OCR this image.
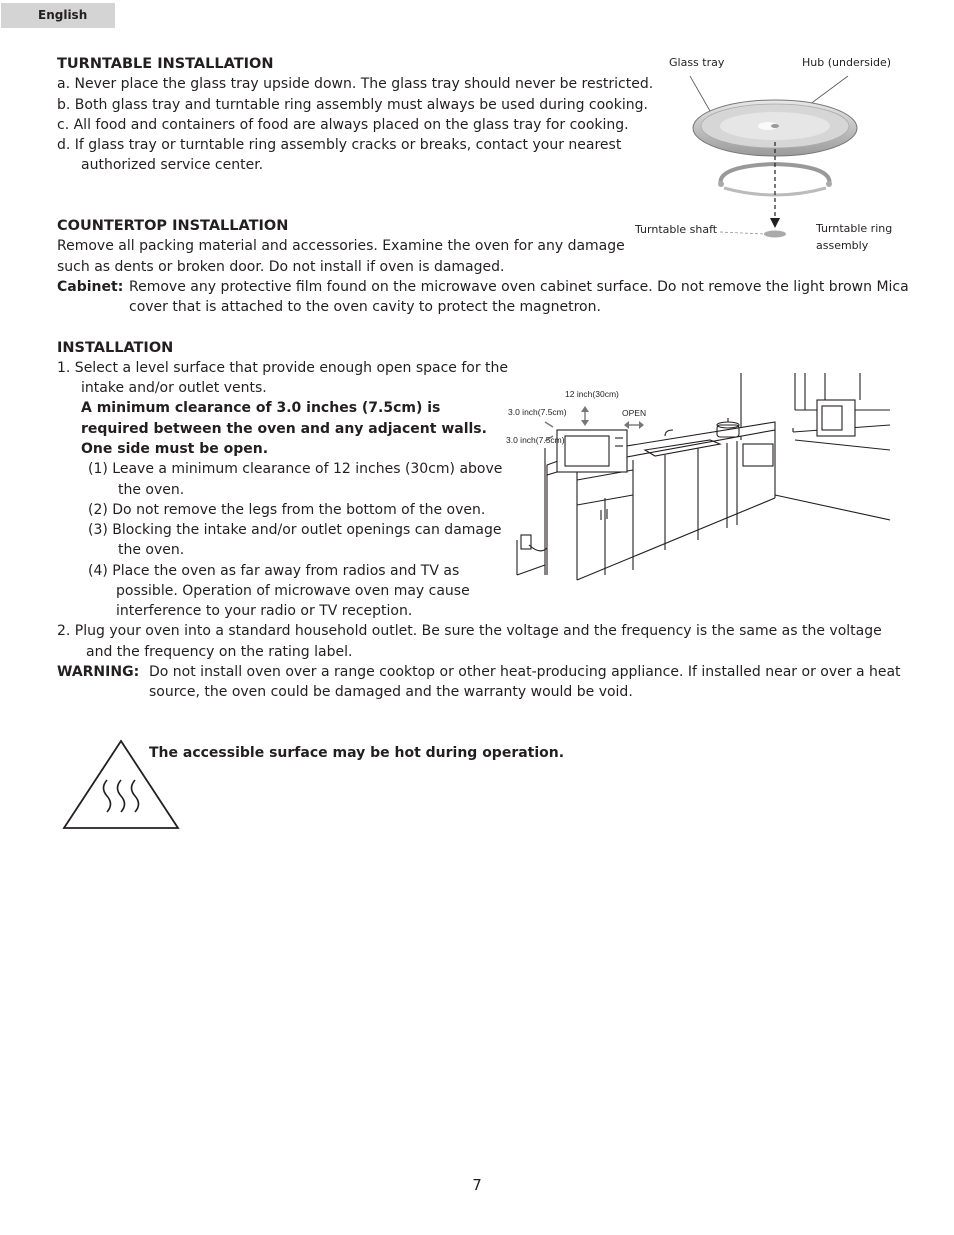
English
TURNTABLE INSTALLATION
a. Never place the glass tray upside down. The glass tray should never be restricted.
b. Both glass tray and turntable ring assembly must always be used during cooking.
c. All food and containers of food are always placed on the glass tray for cooking.
d. If glass tray or turntable ring assembly cracks or breaks, contact your nearest
authorized service center.
Glass tray	Hub (underside)
Turntable shaft	Turntable ring
assembly
COUNTERTOP INSTALLATION
Remove all packing material and accessories. Examine the oven for any damage
such as dents or broken door. Do not install if oven is damaged.
Cabinet: Remove any protective film found on the microwave oven cabinet surface. Do not remove the light brown Mica
cover that is attached to the oven cavity to protect the magnetron.
INSTALLATION
1. Select a level surface that provide enough open space for the
intake and/or outlet vents.
A minimum clearance of 3.0 inches (7.5cm) is
required between the oven and any adjacent walls.
One side must be open.
(1) Leave a minimum clearance of 12 inches (30cm) above
the oven.
(2) Do not remove the legs from the bottom of the oven.
(3) Blocking the intake and/or outlet openings can damage
the oven.
(4) Place the oven as far away from radios and TV as
possible. Operation of microwave oven may cause
interference to your radio or TV reception.
2. Plug your oven into a standard household outlet. Be sure the voltage and the frequency is the same as the voltage
and the frequency on the rating label.
WARNING: Do not install oven over a range cooktop or other heat-producing appliance. If installed near or over a heat
source, the oven could be damaged and the warranty would be void.
12 inch(30cm)
3.0 inch(7.5cm)
3.0 inch(7.5cm)
OPEN
The accessible surface may be hot during operation.
7
